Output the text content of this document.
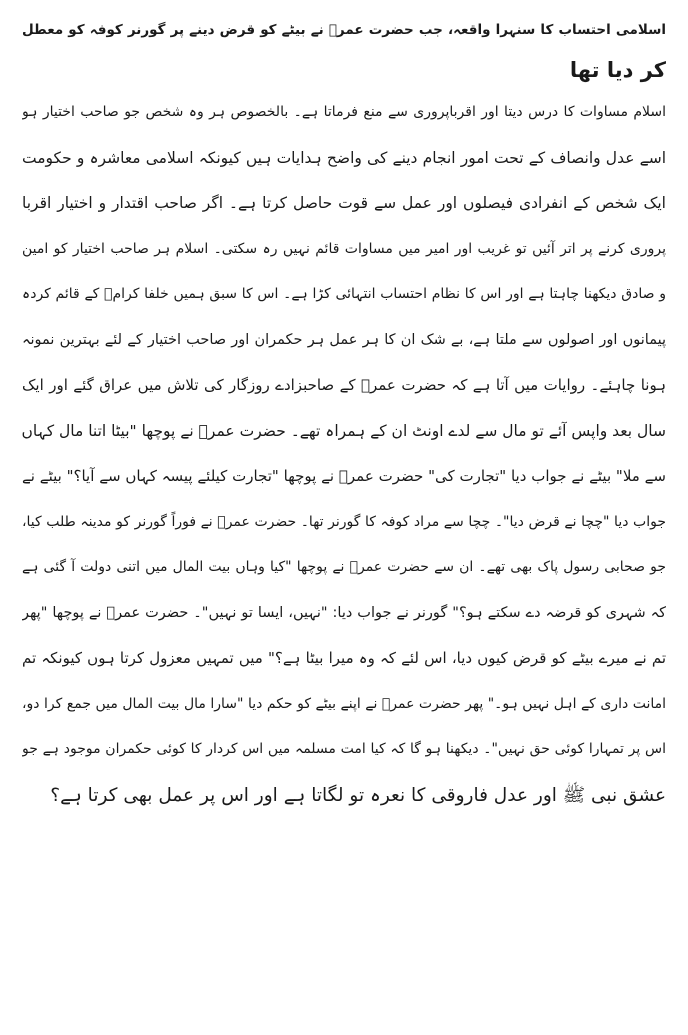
اسلامی احتساب کا سنہرا واقعہ، جب حضرت عمرؓ نے بیٹے کو قرض دینے پر گورنر کوفہ کو معطل
کر دیا تھا
اسلام مساوات کا درس دیتا اور اقرباپروری سے منع فرماتا ہے۔ بالخصوص ہر وہ شخص جو صاحب اختیار ہو
اسے عدل وانصاف کے تحت امور انجام دینے کی واضح ہدایات ہیں کیونکہ اسلامی معاشرہ و حکومت
ایک شخص کے انفرادی فیصلوں اور عمل سے قوت حاصل کرتا ہے۔ اگر صاحب اقتدار و اختیار اقربا
پروری کرنے پر اتر آئیں تو غریب اور امیر میں مساوات قائم نہیں رہ سکتی۔ اسلام ہر صاحب اختیار کو امین
و صادق دیکھنا چاہتا ہے اور اس کا نظام احتساب انتہائی کڑا ہے۔ اس کا سبق ہمیں خلفا کرامؓ کے قائم کردہ
پیمانوں اور اصولوں سے ملتا ہے، بے شک ان کا ہر عمل ہر حکمران اور صاحب اختیار کے لئے بہترین نمونہ
ہونا چاہئے۔ روایات میں آتا ہے کہ حضرت عمرؓ کے صاحبزادے روزگار کی تلاش میں عراق گئے اور ایک
سال بعد واپس آئے تو مال سے لدے اونٹ ان کے ہمراہ تھے۔ حضرت عمرؓ نے پوچھا "بیٹا اتنا مال کہاں
سے ملا" بیٹے نے جواب دیا "تجارت کی" حضرت عمرؓ نے پوچھا "تجارت کیلئے پیسہ کہاں سے آیا؟" بیٹے نے
جواب دیا "چچا نے قرض دیا"۔ چچا سے مراد کوفہ کا گورنر تھا۔ حضرت عمرؓ نے فوراً گورنر کو مدینہ طلب کیا،
جو صحابی رسول پاک بھی تھے۔ ان سے حضرت عمرؓ نے پوچھا "کیا وہاں بیت المال میں اتنی دولت آ گئی ہے
کہ شہری کو قرضہ دے سکتے ہو؟" گورنر نے جواب دیا: "نہیں، ایسا تو نہیں"۔ حضرت عمرؓ نے پوچھا "پھر
تم نے میرے بیٹے کو قرض کیوں دیا، اس لئے کہ وہ میرا بیٹا ہے؟" میں تمہیں معزول کرتا ہوں کیونکہ تم
امانت داری کے اہل نہیں ہو۔" پھر حضرت عمرؓ نے اپنے بیٹے کو حکم دیا "سارا مال بیت المال میں جمع کرا دو،
اس پر تمہارا کوئی حق نہیں"۔ دیکھنا ہو گا کہ کیا امت مسلمہ میں اس کردار کا کوئی حکمران موجود ہے جو
عشق نبی ﷺ اور عدل فاروقی کا نعرہ تو لگاتا ہے اور اس پر عمل بھی کرتا ہے؟
